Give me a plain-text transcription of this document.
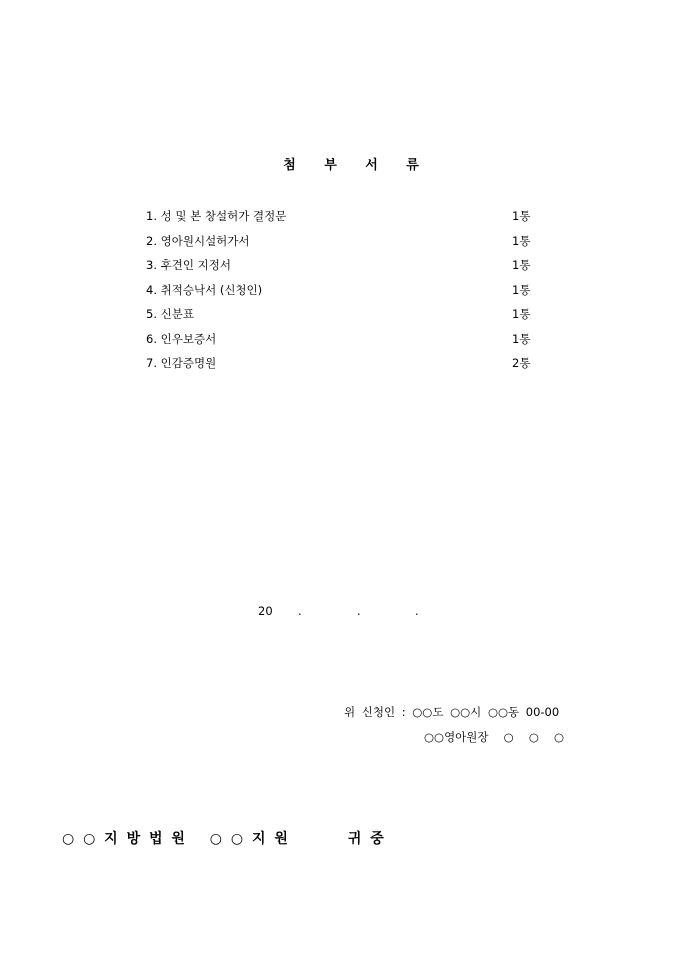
첨 부 서 류
1. 성 및 본 창설허가 결정문	1통
2. 영아원시설허가서	1통
3. 후견인 지정서	1통
4. 취적승낙서 (신청인)	1통
5. 신분표	1통
6. 인우보증서	1통
7. 인감증명원	2통
20 .	.	.
위 신청인 : ○○도 ○○시 ○○동 00-00
○○영아원장　 ○　 ○　 ○
○ ○ 지 방 법 원　 ○ ○ 지 원	귀 중
